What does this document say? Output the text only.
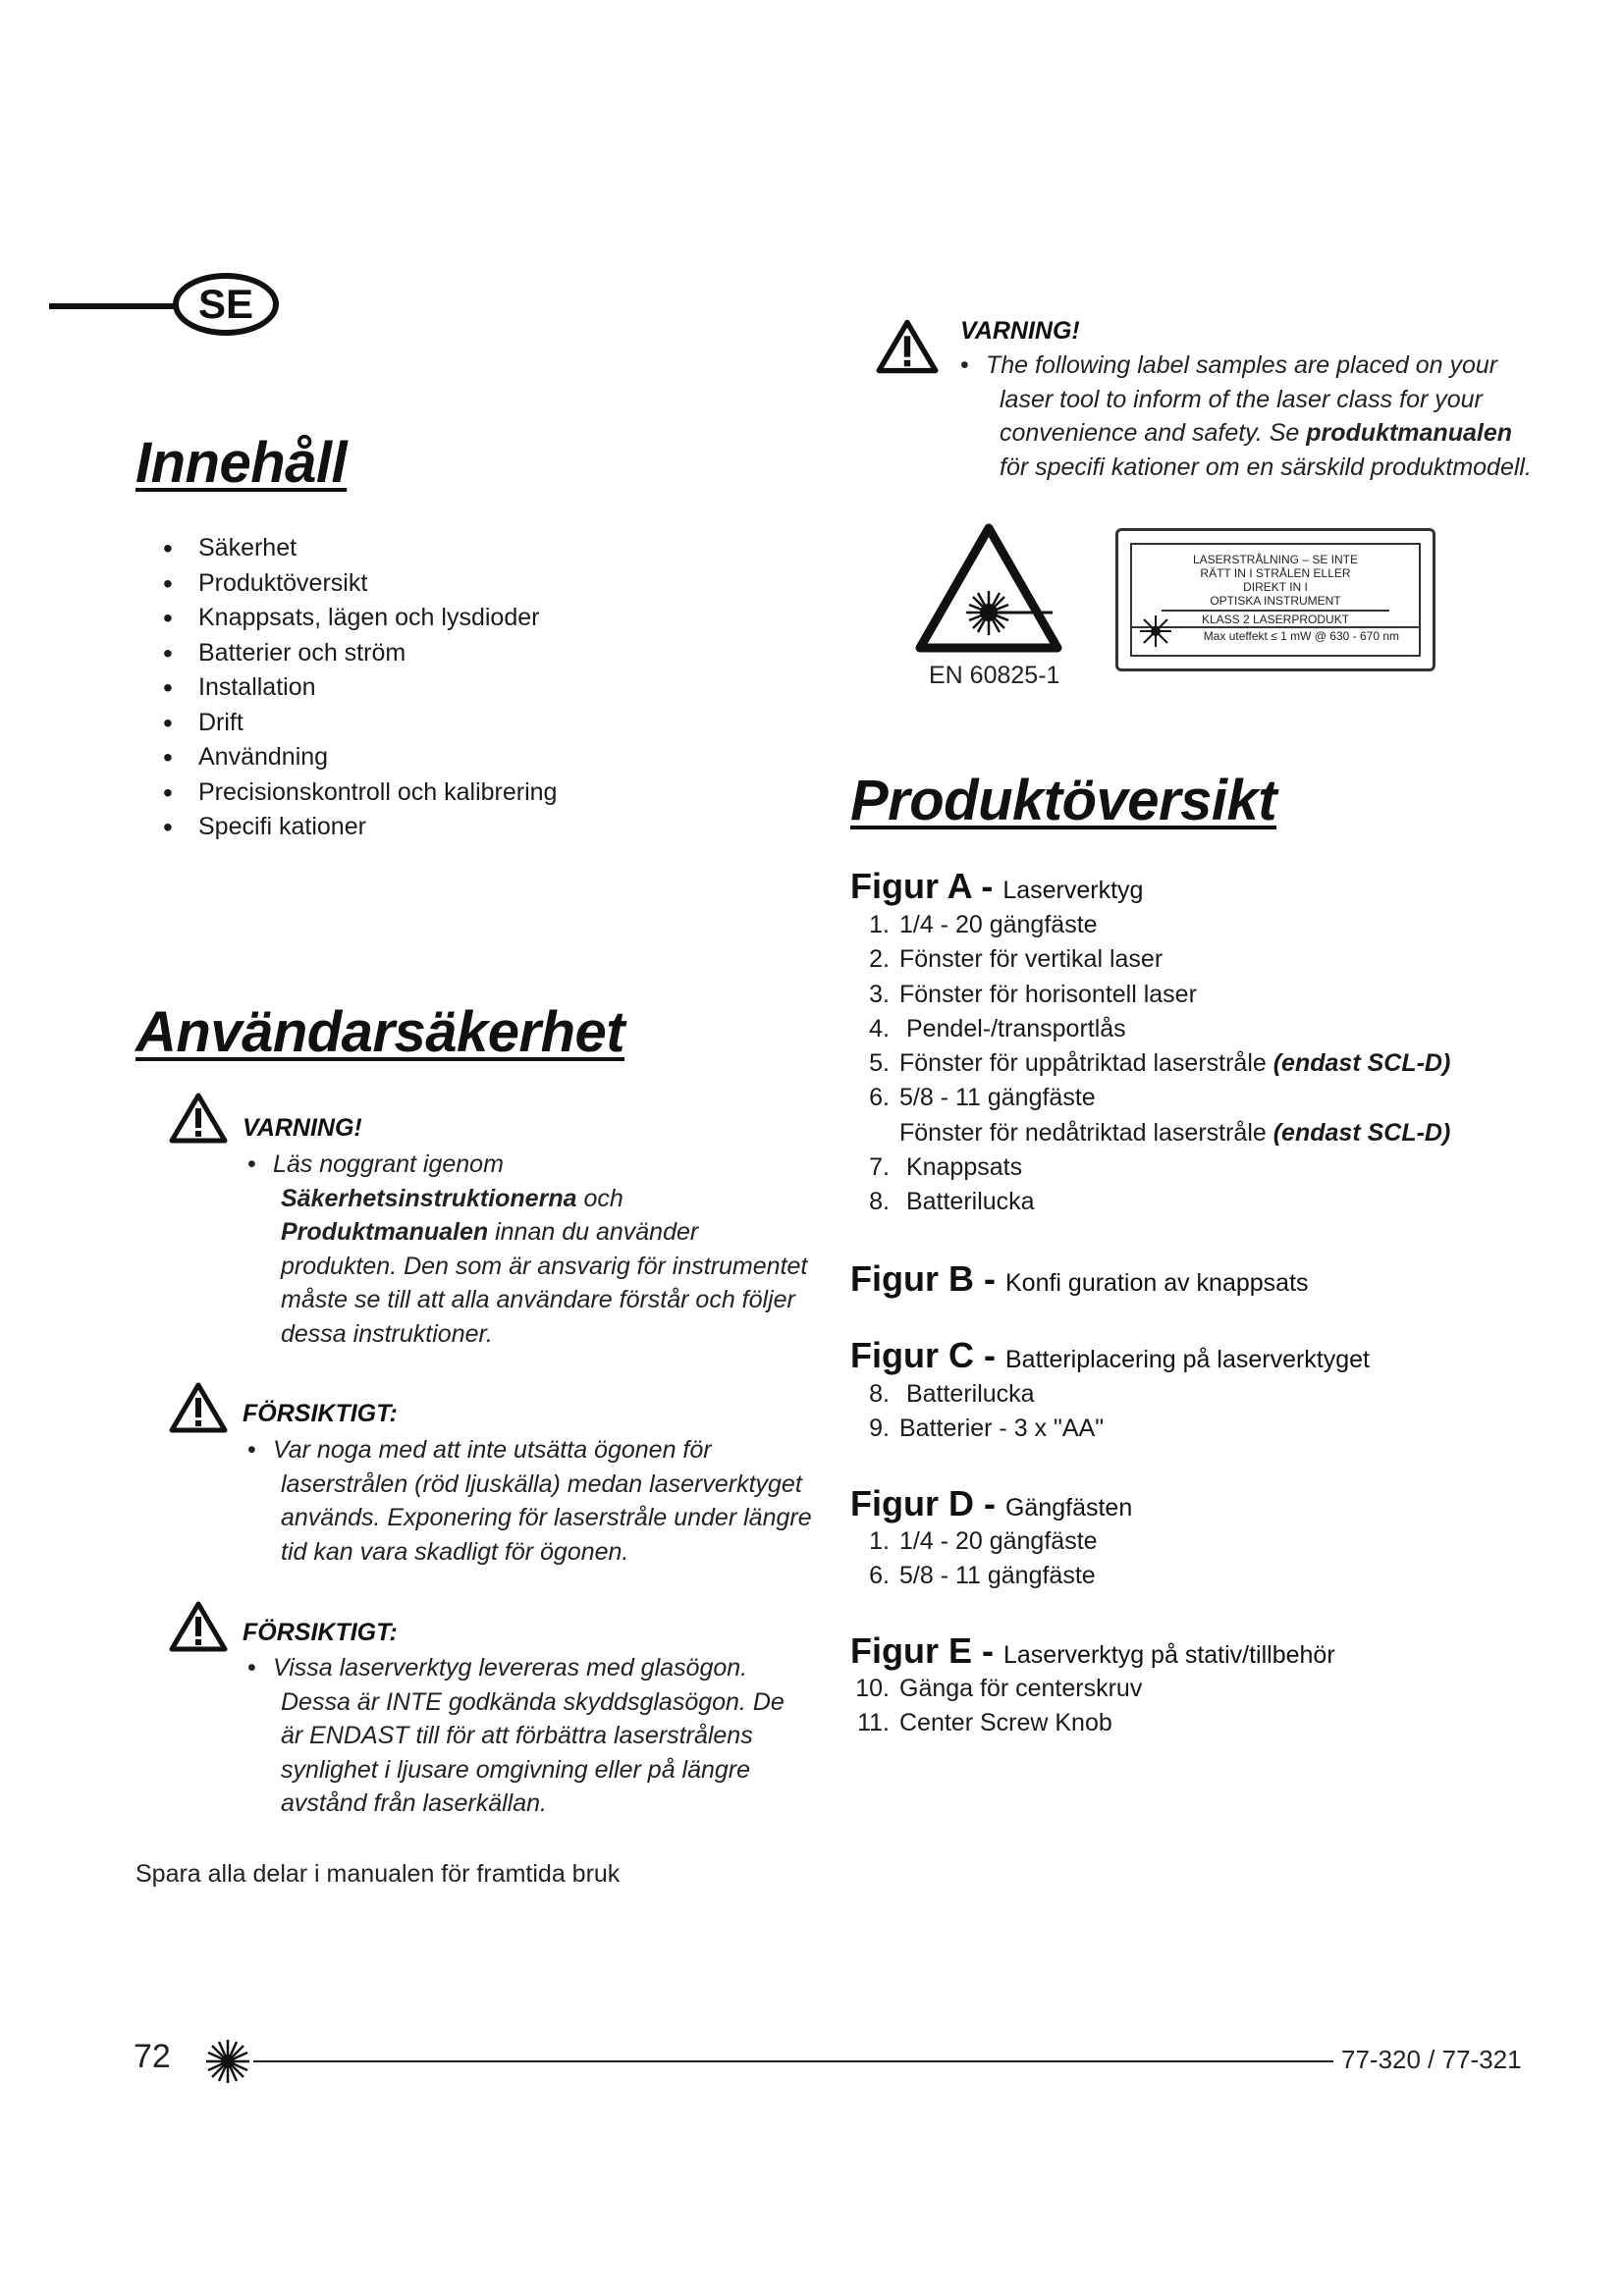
SE
Innehåll
• Säkerhet
• Produktöversikt
• Knappsats, lägen och lysdioder
• Batterier och ström
• Installation
• Drift
• Användning
• Precisionskontroll och kalibrering
• Specifi kationer
Användarsäkerhet
VARNING!
• Läs noggrant igenom
Säkerhetsinstruktionerna och
Produktmanualen innan du använder
produkten. Den som är ansvarig för instrumentet
måste se till att alla användare förstår och följer
dessa instruktioner.
FÖRSIKTIGT:
• Var noga med att inte utsätta ögonen för
laserstrålen (röd ljuskälla) medan laserverktyget
används. Exponering för laserstråle under längre
tid kan vara skadligt för ögonen.
FÖRSIKTIGT:
• Vissa laserverktyg levereras med glasögon.
Dessa är INTE godkända skyddsglasögon. De
är ENDAST till för att förbättra laserstrålens
synlighet i ljusare omgivning eller på längre
avstånd från laserkällan.
Spara alla delar i manualen för framtida bruk
VARNING!
• The following label samples are placed on your
laser tool to inform of the laser class for your
convenience and safety. Se produktmanualen
för specifi kationer om en särskild produktmodell.
EN 60825-1
LASERSTRÅLNING – SE INTE
RÄTT IN I STRÅLEN ELLER
DIREKT IN I
OPTISKA INSTRUMENT
KLASS 2 LASERPRODUKT
Max uteffekt ≤ 1 mW @ 630 - 670 nm
Produktöversikt
Figur A - Laserverktyg
1. 1/4 - 20 gängfäste
2. Fönster för vertikal laser
3. Fönster för horisontell laser
4. Pendel-/transportlås
5. Fönster för uppåtriktad laserstråle (endast SCL-D)
6. 5/8 - 11 gängfäste
Fönster för nedåtriktad laserstråle (endast SCL-D)
7. Knappsats
8. Batterilucka
Figur B - Konfi guration av knappsats
Figur C - Batteriplacering på laserverktyget
8. Batterilucka
9. Batterier - 3 x "AA"
Figur D - Gängfästen
1. 1/4 - 20 gängfäste
6. 5/8 - 11 gängfäste
Figur E - Laserverktyg på stativ/tillbehör
10. Gänga för centerskruv
11. Center Screw Knob
72	77-320 / 77-321
